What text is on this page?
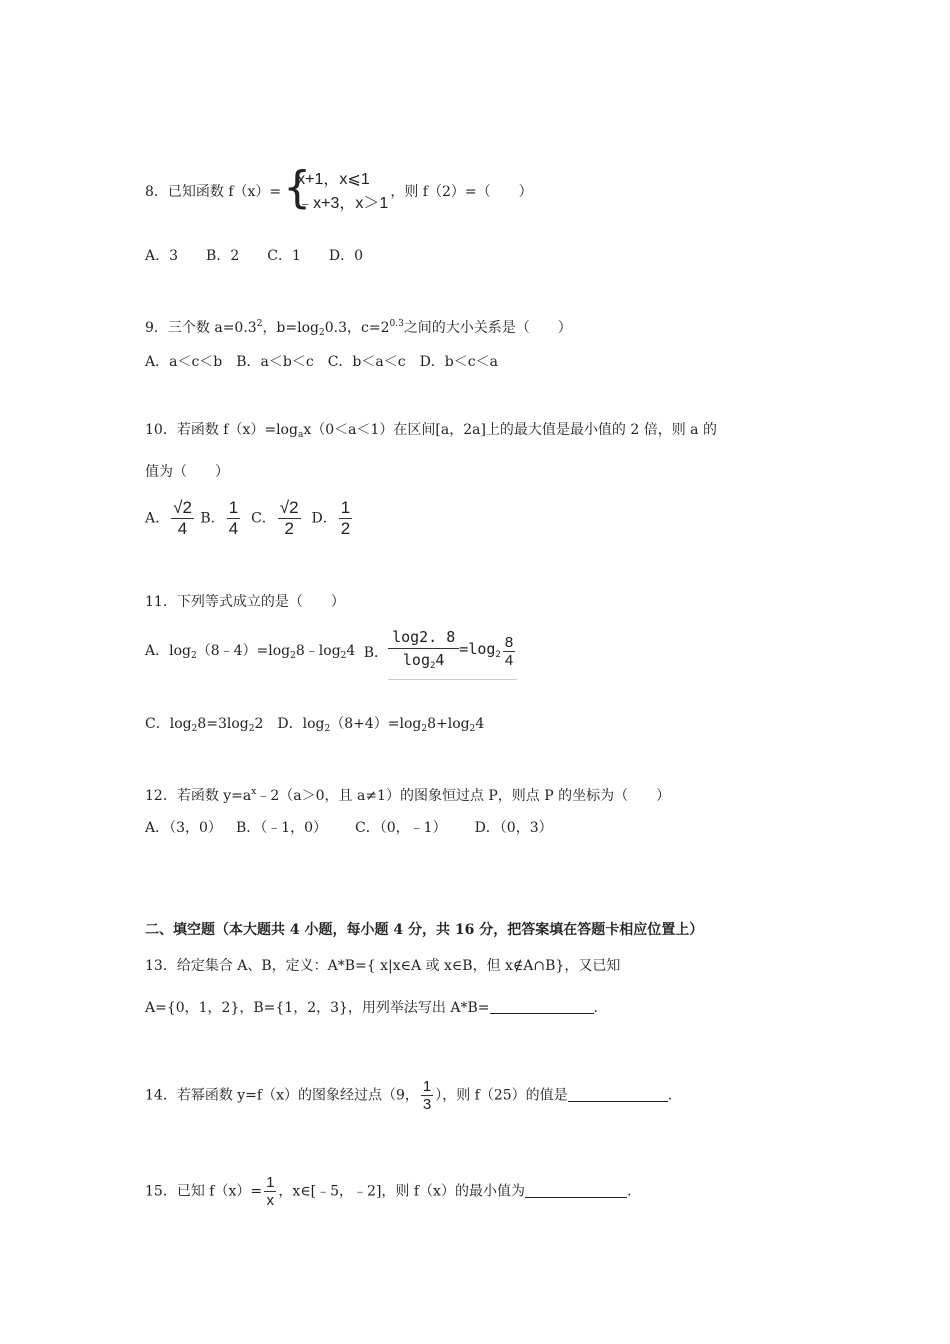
8．已知函数 f（x）= {
x+1，x⩽1
﹣x+3，x＞1
，则 f（2）=（　　）
A．3 B．2 C．1 D．0
9．三个数 $a=0.3^2$，$b=\log_20.3$，$c=2^{0.3}$之间的大小关系是（　　）
A．a＜c＜b B．a＜b＜c C．b＜a＜c D．b＜c＜a
10．若函数 $f(x)=\log_ax(0<a<1)$在区间[a，2a]上的最大值是最小值的 2 倍，则 a 的
值为（　　）
A． √ $\frac{2}{4}$ B． $\frac{1}{4}$ C． √ $\frac{2}{2}$ D． $\frac{1}{2}$
11．下列等式成立的是（　　）
A．$\log_2(8﹣4)=\log_28﹣\log_24$ B． $\frac{\log 2. 8}{\log_24} =\log_2 \frac{8}{4}$
C．$\log_28=3\log_22$ D．$\log_2(8+4)=\log_28+\log_24$
12．若函数 $y=a^x﹣2(a>0$，且 a≠1）的图象恒过点 P，则点 P 的坐标为（　　）
A．（3，0） B．（﹣1，0） C．（0，﹣1） D．（0，3）
二、填空题（本大题共 4 小题，每小题 4 分，共 16 分，把答案填在答题卡相应位置上）
13．给定集合 A、B，定义：A*B={ x|x∈A 或 x∈B，但 x∉A∩B}，又已知
A={0，1，2}，B={1，2，3}，用列举法写出 A*B=	.
14．若幂函数 y=f（x）的图象经过点（9， $\frac{1}{3}$ ），则 f（25）的值是	.
15．已知 $f(x)= \frac{1}{x}$ ，x∈[﹣5，﹣2]，则 f（x）的最小值为	.
